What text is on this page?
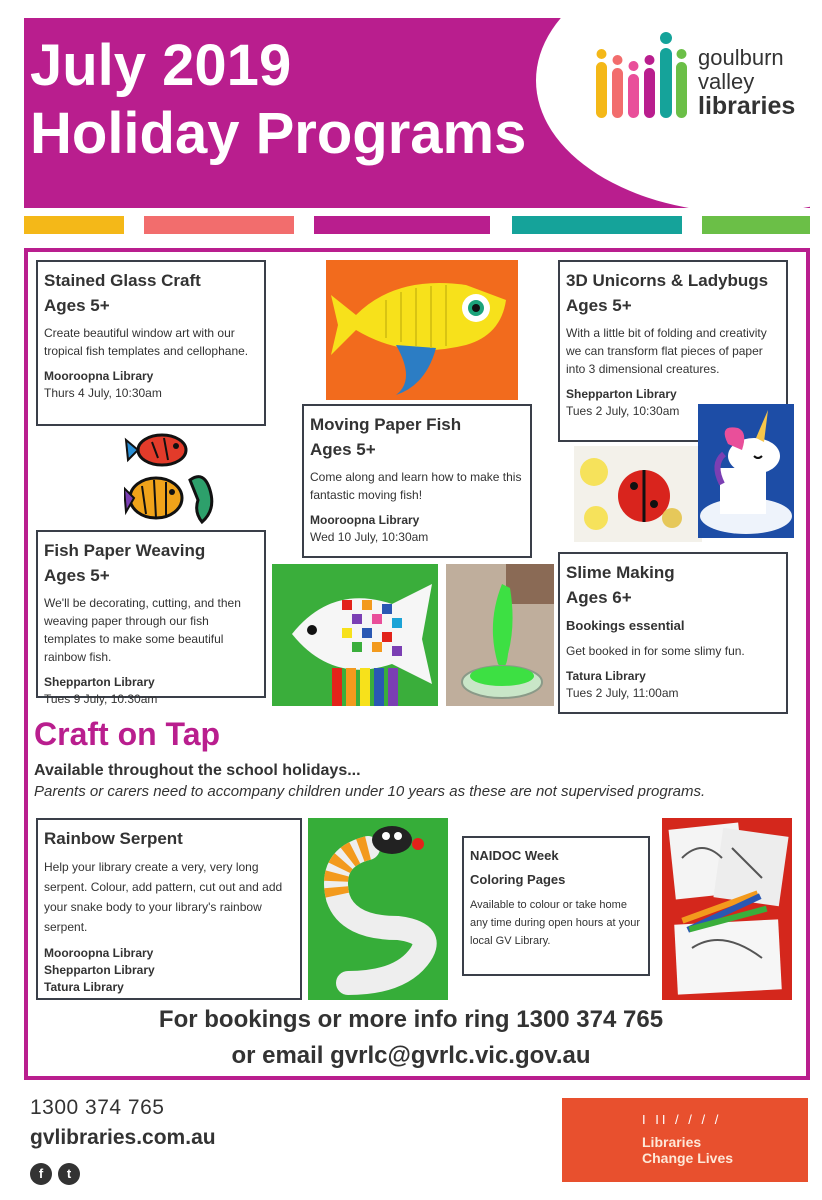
July 2019
Holiday Programs
goulburn
valley
libraries
Stained Glass Craft
Ages 5+

Create beautiful window art with our tropical fish templates and cellophane.

Mooroopna Library
Thurs 4 July, 10:30am
3D Unicorns & Ladybugs
Ages 5+

With a little bit of folding and creativity we can transform flat pieces of paper into 3 dimensional creatures.

Shepparton Library
Tues 2 July, 10:30am
Moving Paper Fish
Ages 5+

Come along and learn how to make this fantastic moving fish!

Mooroopna Library
Wed 10 July, 10:30am
Fish Paper Weaving
Ages 5+

We'll be decorating, cutting, and then weaving paper through our fish templates to make some beautiful rainbow fish.

Shepparton Library
Tues 9 July, 10:30am
Slime Making
Ages 6+
Bookings essential

Get booked in for some slimy fun.

Tatura Library
Tues 2 July, 11:00am
Craft on Tap
Available throughout the school holidays...
Parents or carers need to accompany children under 10 years as these are not supervised programs.
Rainbow Serpent

Help your library create a very, very long serpent. Colour, add pattern, cut out and add your snake body to your library's rainbow serpent.

Mooroopna Library
Shepparton Library
Tatura Library
NAIDOC Week
Coloring Pages

Available to colour or take home any time during open hours at your local GV Library.

For bookings or more info ring 1300 374 765
or email gvrlc@gvrlc.vic.gov.au
1300 374 765
gvlibraries.com.au
f	t
I II / / / /
Libraries
Change Lives
